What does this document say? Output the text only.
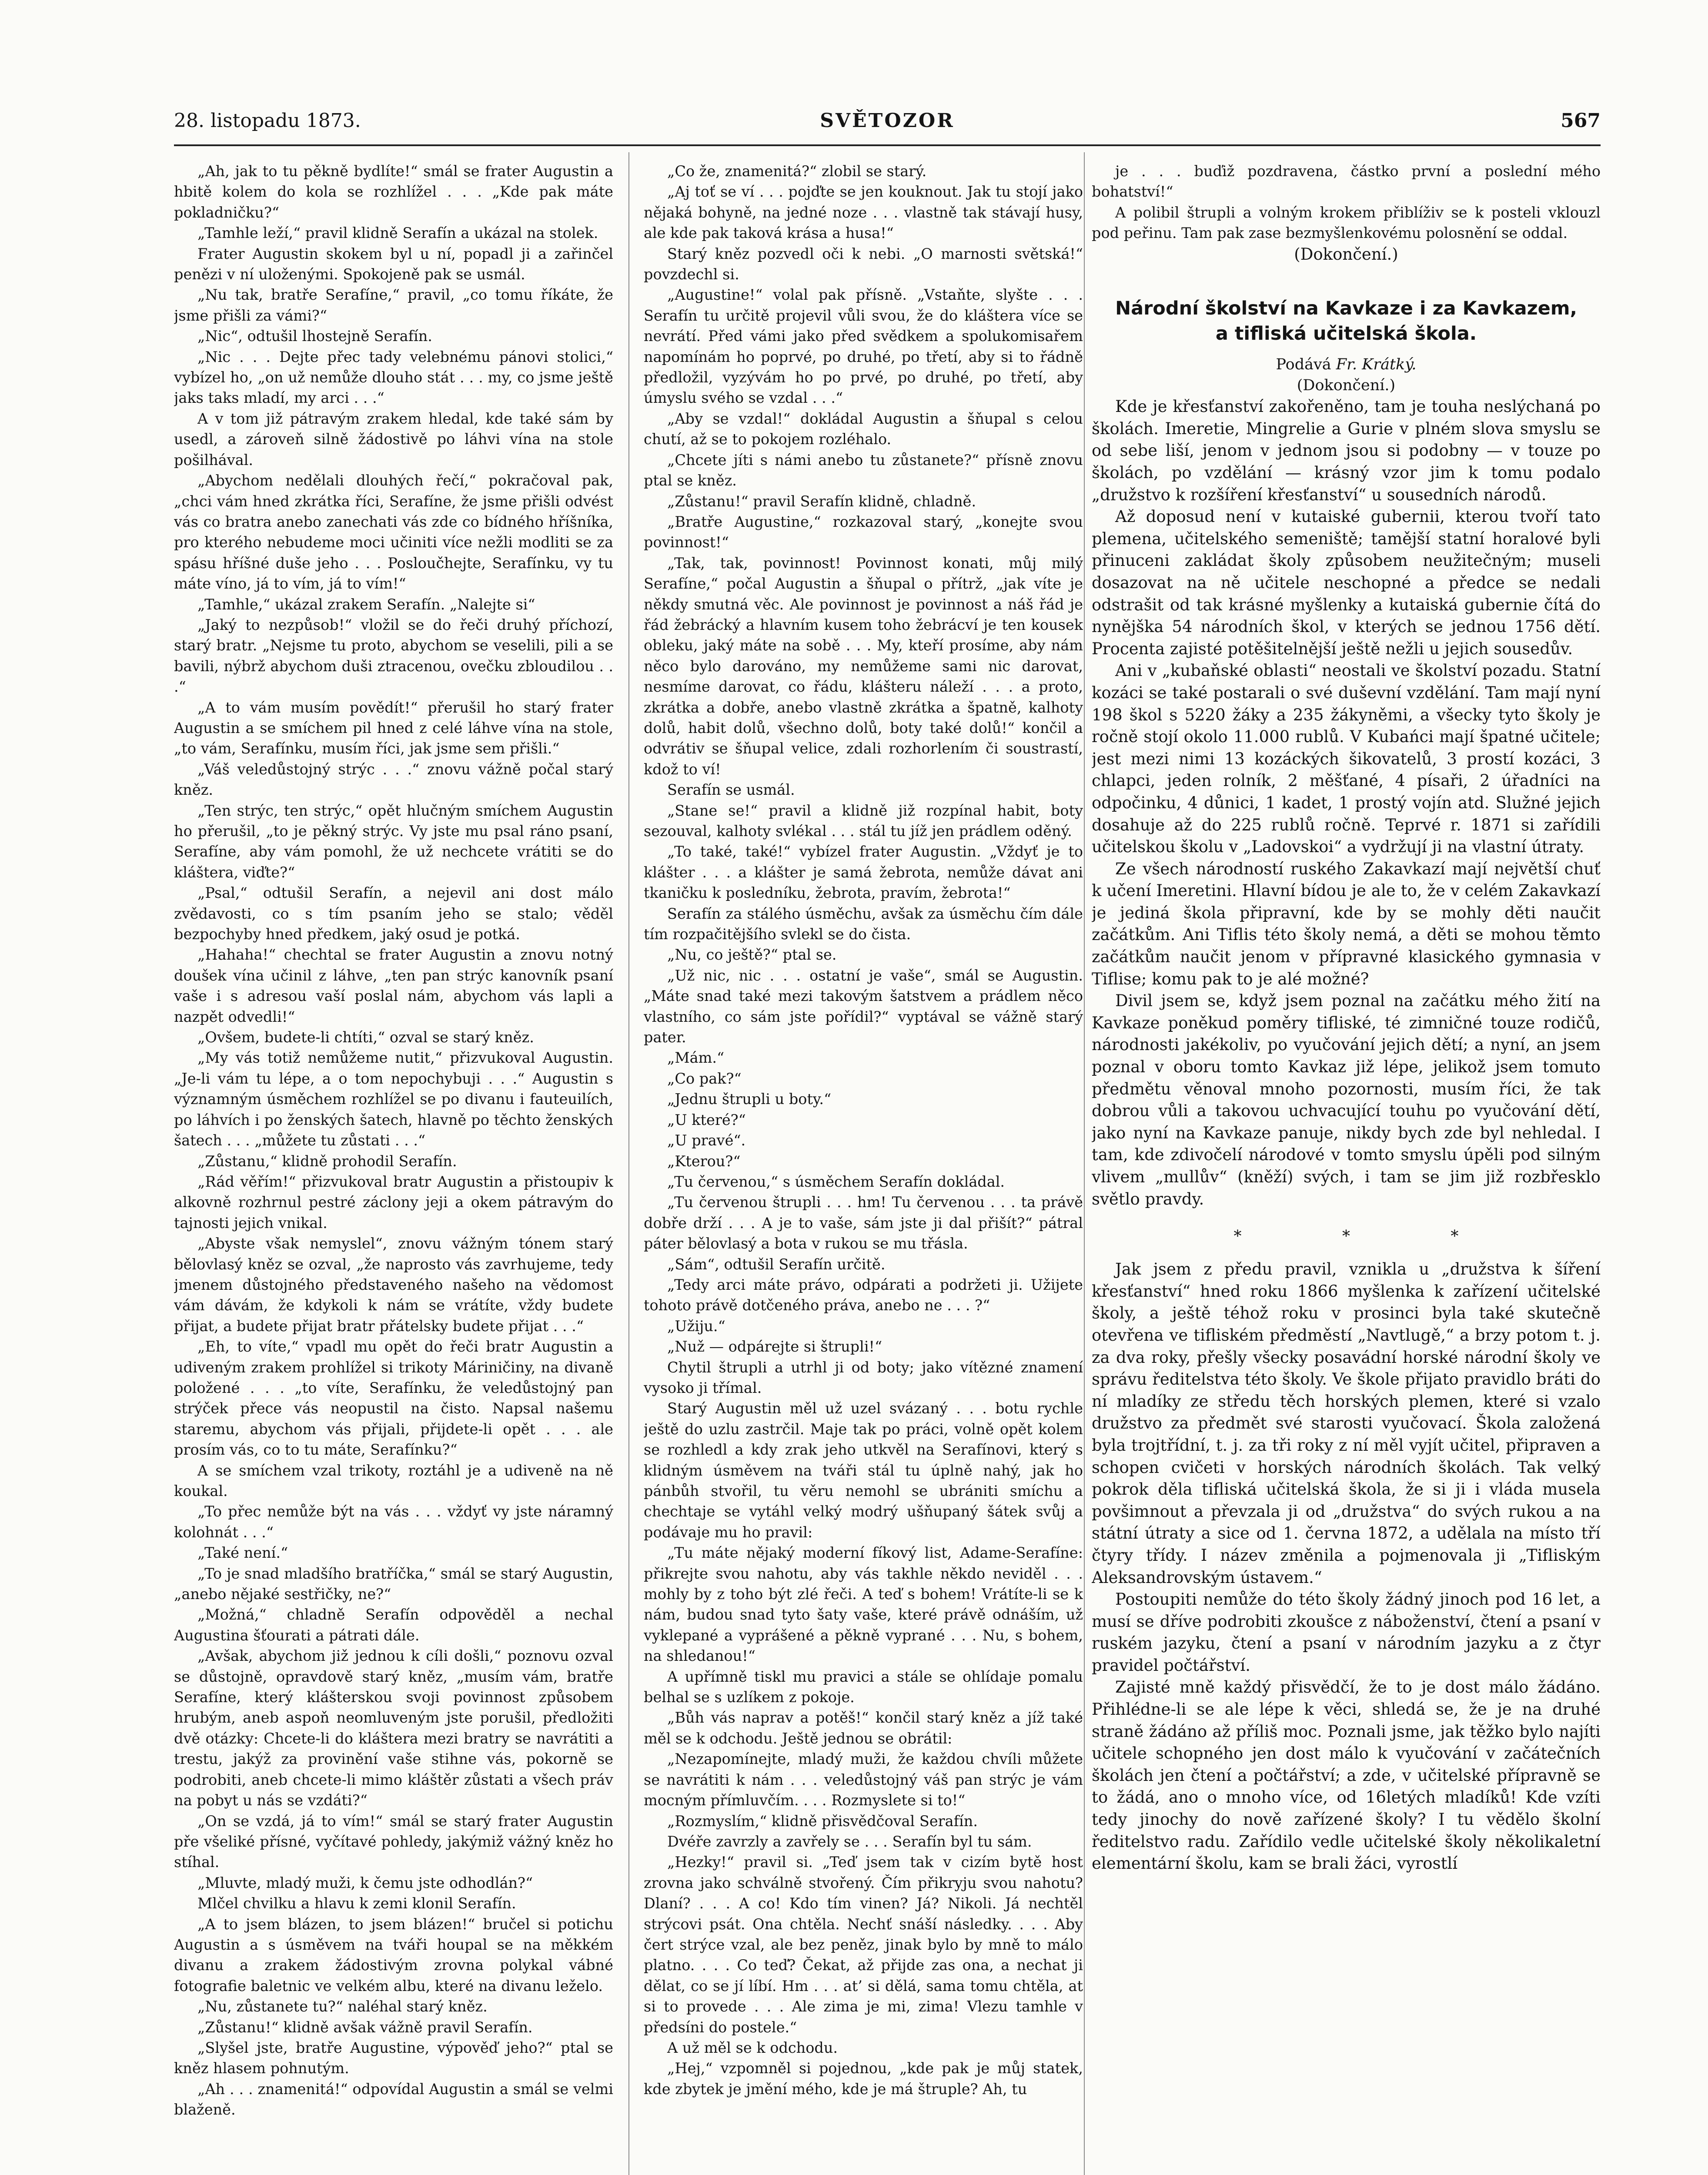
28. listopadu 1873.	SVĚTOZOR	567

„Ah, jak to tu pěkně bydlíte!“ smál se frater Augustin a hbitě kolem do kola se rozhlížel . . . „Kde pak máte pokladničku?“

„Tamhle leží,“ pravil klidně Serafín a ukázal na stolek.

Frater Augustin skokem byl u ní, popadl ji a zařinčel penězi v ní uloženými. Spokojeně pak se usmál.

„Nu tak, bratře Serafíne,“ pravil, „co tomu říkáte, že jsme přišli za vámi?“

„Nic“, odtušil lhostejně Serafín.

„Nic . . . Dejte přec tady velebnému pánovi stolici,“ vybízel ho, „on už nemůže dlouho stát . . . my, co jsme ještě jaks taks mladí, my arci . . .“

A v tom již pátravým zrakem hledal, kde také sám by usedl, a zároveň silně žádostivě po láhvi vína na stole pošilhával.

„Abychom nedělali dlouhých řečí,“ pokračoval pak, „chci vám hned zkrátka říci, Serafíne, že jsme přišli odvést vás co bratra anebo zanechati vás zde co bídného hříšníka, pro kterého nebudeme moci učiniti více nežli modliti se za spásu hříšné duše jeho . . . Posloučhejte, Serafínku, vy tu máte víno, já to vím, já to vím!“

„Tamhle,“ ukázal zrakem Serafín. „Nalejte si“

„Jaký to nezpůsob!“ vložil se do řeči druhý příchozí, starý bratr. „Nejsme tu proto, abychom se veselili, pili a se bavili, nýbrž abychom duši ztracenou, ovečku zbloudilou . . .“

„A to vám musím povědít!“ přerušil ho starý frater Augustin a se smíchem pil hned z celé láhve vína na stole, „to vám, Serafínku, musím říci, jak jsme sem přišli.“

„Váš veledůstojný strýc . . .“ znovu vážně počal starý kněz.

„Ten strýc, ten strýc,“ opět hlučným smíchem Augustin ho přerušil, „to je pěkný strýc. Vy jste mu psal ráno psaní, Serafíne, aby vám pomohl, že už nechcete vrátiti se do kláštera, viďte?“

„Psal,“ odtušil Serafín, a nejevil ani dost málo zvědavosti, co s tím psaním jeho se stalo; věděl bezpochyby hned předkem, jaký osud je potká.

„Hahaha!“ chechtal se frater Augustin a znovu notný doušek vína učinil z láhve, „ten pan strýc kanovník psaní vaše i s adresou vaší poslal nám, abychom vás lapli a nazpět odvedli!“

„Ovšem, budete-li chtíti,“ ozval se starý kněz.

„My vás totiž nemůžeme nutit,“ přizvukoval Augustin. „Je-li vám tu lépe, a o tom nepochybuji . . .“ Augustin s významným úsměchem rozhlížel se po divanu i fauteuilích, po láhvích i po ženských šatech, hlavně po těchto ženských šatech . . . „můžete tu zůstati . . .“

„Zůstanu,“ klidně prohodil Serafín.

„Rád věřím!“ přizvukoval bratr Augustin a přistoupiv k alkovně rozhrnul pestré záclony jeji a okem pátravým do tajnosti jejich vnikal.

„Abyste však nemyslel“, znovu vážným tónem starý bělovlasý kněz se ozval, „že naprosto vás zavrhujeme, tedy jmenem důstojného představeného našeho na vědomost vám dávám, že kdykoli k nám se vrátíte, vždy budete přijat, a budete přijat bratr přátelsky budete přijat . . .“

„Eh, to víte,“ vpadl mu opět do řeči bratr Augustin a udiveným zrakem prohlížel si trikoty Máriničiny, na divaně položené . . . „to víte, Serafínku, že veledůstojný pan strýček přece vás neopustil na čisto. Napsal našemu staremu, abychom vás přijali, přijdete-li opět . . . ale prosím vás, co to tu máte, Serafínku?“

A se smíchem vzal trikoty, roztáhl je a udiveně na ně koukal.

„To přec nemůže být na vás . . . vždyť vy jste náramný kolohnát . . .“

„Také není.“

„To je snad mladšího bratříčka,“ smál se starý Augustin, „anebo nějaké sestřičky, ne?“

„Možná,“ chladně Serafín odpověděl a nechal Augustina šťourati a pátrati dále.

„Avšak, abychom již jednou k cíli došli,“ poznovu ozval se důstojně, opravdově starý kněz, „musím vám, bratře Serafíne, který klášterskou svoji povinnost způsobem hrubým, aneb aspoň neomluveným jste porušil, předložiti dvě otázky: Chcete-li do kláštera mezi bratry se navrátiti a trestu, jakýž za provinění vaše stihne vás, pokorně se podrobiti, aneb chcete-li mimo kláštěr zůstati a všech práv na pobyt u nás se vzdáti?“

„On se vzdá, já to vím!“ smál se starý frater Augustin pře všeliké přísné, vyčítavé pohledy, jakýmiž vážný kněz ho stíhal.

„Mluvte, mladý muži, k čemu jste odhodlán?“

Mlčel chvilku a hlavu k zemi klonil Serafín.

„A to jsem blázen, to jsem blázen!“ bručel si potichu Augustin a s úsměvem na tváři houpal se na měkkém divanu a zrakem žádostivým zrovna polykal vábné fotografie baletnic ve velkém albu, které na divanu leželo.

„Nu, zůstanete tu?“ naléhal starý kněz.

„Zůstanu!“ klidně avšak vážně pravil Serafín.

„Slyšel jste, bratře Augustine, výpověď jeho?“ ptal se kněz hlasem pohnutým.

„Ah . . . znamenitá!“ odpovídal Augustin a smál se velmi blaženě.

„Co že, znamenitá?“ zlobil se starý.

„Aj toť se ví . . . pojďte se jen kouknout. Jak tu stojí jako nějaká bohyně, na jedné noze . . . vlastně tak stávají husy, ale kde pak taková krása a husa!“

Starý kněz pozvedl oči k nebi. „O marnosti světská!“ povzdechl si.

„Augustine!“ volal pak přísně. „Vstaňte, slyšte . . . Serafín tu určitě projevil vůli svou, že do kláštera více se nevrátí. Před vámi jako před svědkem a spolukomisařem napomínám ho poprvé, po druhé, po třetí, aby si to řádně předložil, vyzývám ho po prvé, po druhé, po třetí, aby úmyslu svého se vzdal . . .“

„Aby se vzdal!“ dokládal Augustin a šňupal s celou chutí, až se to pokojem rozléhalo.

„Chcete jíti s námi anebo tu zůstanete?“ přísně znovu ptal se kněz.

„Zůstanu!“ pravil Serafín klidně, chladně.

„Bratře Augustine,“ rozkazoval starý, „konejte svou povinnost!“

„Tak, tak, povinnost! Povinnost konati, můj milý Serafíne,“ počal Augustin a šňupal o přítrž, „jak víte je někdy smutná věc. Ale povinnost je povinnost a náš řád je řád žebrácký a hlavním kusem toho žebrácví je ten kousek obleku, jaký máte na sobě . . . My, kteří prosíme, aby nám něco bylo darováno, my nemůžeme sami nic darovat, nesmíme darovat, co řádu, klášteru náleží . . . a proto, zkrátka a dobře, anebo vlastně zkrátka a špatně, kalhoty dolů, habit dolů, všechno dolů, boty také dolů!“ končil a odvrátiv se šňupal velice, zdali rozhorlením či soustrastí, kdož to ví!

Serafín se usmál.

„Stane se!“ pravil a klidně již rozpínal habit, boty sezouval, kalhoty svlékal . . . stál tu jíž jen prádlem oděný.

„To také, také!“ vybízel frater Augustin. „Vždyť je to klášter . . . a klášter je samá žebrota, nemůže dávat ani tkaničku k posledníku, žebrota, pravím, žebrota!“

Serafín za stálého úsměchu, avšak za úsměchu čím dále tím rozpačitějšího svlekl se do čista.

„Nu, co ještě?“ ptal se.

„Už nic, nic . . . ostatní je vaše“, smál se Augustin. „Máte snad také mezi takovým šatstvem a prádlem něco vlastního, co sám jste pořídil?“ vyptával se vážně starý pater.

„Mám.“

„Co pak?“

„Jednu štrupli u boty.“

„U které?“

„U pravé“.

„Kterou?“

„Tu červenou,“ s úsměchem Serafín dokládal.

„Tu červenou štrupli . . . hm! Tu červenou . . . ta právě dobře drží . . . A je to vaše, sám jste ji dal přišít?“ pátral páter bělovlasý a bota v rukou se mu třásla.

„Sám“, odtušil Serafín určitě.

„Tedy arci máte právo, odpárati a podržeti ji. Užijete tohoto právě dotčeného práva, anebo ne . . . ?“

„Užiju.“

„Nuž — odpárejte si štrupli!“

Chytil štrupli a utrhl ji od boty; jako vítězné znamení vysoko ji třímal.

Starý Augustin měl už uzel svázaný . . . botu rychle ještě do uzlu zastrčil. Maje tak po práci, volně opět kolem se rozhledl a kdy zrak jeho utkvěl na Serafínovi, který s klidným úsměvem na tváři stál tu úplně nahý, jak ho pánbůh stvořil, tu věru nemohl se ubrániti smíchu a chechtaje se vytáhl velký modrý ušňupaný šátek svůj a podávaje mu ho pravil:

„Tu máte nějaký moderní fíkový list, Adame-Serafíne: přikrejte svou nahotu, aby vás takhle někdo neviděl . . . mohly by z toho být zlé řeči. A teď s bohem! Vrátíte-li se k nám, budou snad tyto šaty vaše, které právě odnáším, už vyklepané a vyprášené a pěkně vyprané . . . Nu, s bohem, na shledanou!“

A upřímně tiskl mu pravici a stále se ohlídaje pomalu belhal se s uzlíkem z pokoje.

„Bůh vás naprav a potěš!“ končil starý kněz a jíž také měl se k odchodu. Ještě jednou se obrátil:

„Nezapomínejte, mladý muži, že každou chvíli můžete se navrátiti k nám . . . veledůstojný váš pan strýc je vám mocným přímluvčím. . . . Rozmyslete si to!“

„Rozmyslím,“ klidně přisvědčoval Serafín.

Dvéře zavrzly a zavřely se . . . Serafín byl tu sám.

„Hezky!“ pravil si. „Teď jsem tak v cizím bytě host zrovna jako schválně stvořený. Čím přikryju svou nahotu? Dlaní? . . . A co! Kdo tím vinen? Já? Nikoli. Já nechtěl strýcovi psát. Ona chtěla. Nechť snáší následky. . . . Aby čert strýce vzal, ale bez peněz, jinak bylo by mně to málo platno. . . . Co teď? Čekat, až přijde zas ona, a nechat ji dělat, co se jí líbí. Hm . . . at’ si dělá, sama tomu chtěla, at si to provede . . . Ale zima je mi, zima! Vlezu tamhle v předsíni do postele.“

A už měl se k odchodu.

„Hej,“ vzpomněl si pojednou, „kde pak je můj statek, kde zbytek je jmění mého, kde je má štruple? Ah, tu

je . . . buďiž pozdravena, částko první a poslední mého bohatství!“

A polibil štrupli a volným krokem přiblíživ se k posteli vklouzl pod peřinu. Tam pak zase bezmyšlenkovému polosnění se oddal.

(Dokončení.)

Národní školství na Kavkaze i za Kavkazem,
a tifliská učitelská škola.
Podává Fr. Krátký.
(Dokončení.)

Kde je křesťanství zakořeněno, tam je touha neslýchaná po školách. Imeretie, Mingrelie a Gurie v plném slova smyslu se od sebe liší, jenom v jednom jsou si podobny — v touze po školách, po vzdělání — krásný vzor jim k tomu podalo „družstvo k rozšíření křesťanství“ u sousedních národů.

Až doposud není v kutaiské gubernii, kterou tvoří tato plemena, učitelského semeniště; tamější statní horalové byli přinuceni zakládat školy způsobem neužitečným; museli dosazovat na ně učitele neschopné a předce se nedali odstrašit od tak krásné myšlenky a kutaiská gubernie čítá do nynějška 54 národních škol, v kterých se jednou 1756 dětí. Procenta zajisté potěšitelnější ještě nežli u jejich sousedův.

Ani v „kubaňské oblasti“ neostali ve školství pozadu. Statní kozáci se také postarali o své duševní vzdělání. Tam mají nyní 198 škol s 5220 žáky a 235 žákyněmi, a všecky tyto školy je ročně stojí okolo 11.000 rublů. V Kubańci mají špatné učitele; jest mezi nimi 13 kozáckých šikovatelů, 3 prostí kozáci, 3 chlapci, jeden rolník, 2 měšťané, 4 písaři, 2 úřadníci na odpočinku, 4 důnici, 1 kadet, 1 prostý vojín atd. Služné jejich dosahuje až do 225 rublů ročně. Teprvé r. 1871 si zařídili učitelskou školu v „Ladovskoi“ a vydržují ji na vlastní útraty.

Ze všech národností ruského Zakavkazí mají největší chuť k učení Imeretini. Hlavní bídou je ale to, že v celém Zakavkazí je jediná škola připravní, kde by se mohly děti naučit začátkům. Ani Tiflis této školy nemá, a děti se mohou těmto začátkům naučit jenom v přípravné klasického gymnasia v Tiflise; komu pak to je alé možné?

Divil jsem se, když jsem poznal na začátku mého žití na Kavkaze poněkud poměry tifliské, té zimničné touze rodičů, národnosti jakékoliv, po vyučování jejich dětí; a nyní, an jsem poznal v oboru tomto Kavkaz již lépe, jelikož jsem tomuto předmětu věnoval mnoho pozornosti, musím říci, že tak dobrou vůli a takovou uchvacující touhu po vyučování dětí, jako nyní na Kavkaze panuje, nikdy bych zde byl nehledal. I tam, kde zdivočelí národové v tomto smyslu úpěli pod silným vlivem „mullův“ (kněží) svých, i tam se jim již rozbřesklo světlo pravdy.

* * *

Jak jsem z předu pravil, vznikla u „družstva k šíření křesťanství“ hned roku 1866 myšlenka k zařízení učitelské školy, a ještě téhož roku v prosinci byla také skutečně otevřena ve tifliském předměstí „Navtlugě,“ a brzy potom t. j. za dva roky, přešly všecky posavádní horské národní školy ve správu ředitelstva této školy. Ve škole přijato pravidlo bráti do ní mladíky ze středu těch horských plemen, které si vzalo družstvo za předmět své starosti vyučovací. Škola založená byla trojtřídní, t. j. za tři roky z ní měl vyjít učitel, připraven a schopen cvičeti v horských národních školách. Tak velký pokrok děla tifliská učitelská škola, že si ji i vláda musela povšimnout a převzala ji od „družstva“ do svých rukou a na státní útraty a sice od 1. června 1872, a udělala na místo tří čtyry třídy. I název změnila a pojmenovala ji „Tifliským Aleksandrovským ústavem.“

Postoupiti nemůže do této školy žádný jinoch pod 16 let, a musí se dříve podrobiti zkoušce z náboženství, čtení a psaní v ruském jazyku, čtení a psaní v národním jazyku a z čtyr pravidel počtářství.

Zajisté mně každý přisvědčí, že to je dost málo žádáno. Přihlédne-li se ale lépe k věci, shledá se, že je na druhé straně žádáno až příliš moc. Poznali jsme, jak těžko bylo najíti učitele schopného jen dost málo k vyučování v začátečních školách jen čtení a počtářství; a zde, v učitelské přípravně se to žádá, ano o mnoho více, od 16letých mladíků! Kde vzíti tedy jinochy do nově zařízené školy? I tu vědělo školní ředitelstvo radu. Zařídilo vedle učitelské školy několikaletní elementární školu, kam se brali žáci, vyrostlí
